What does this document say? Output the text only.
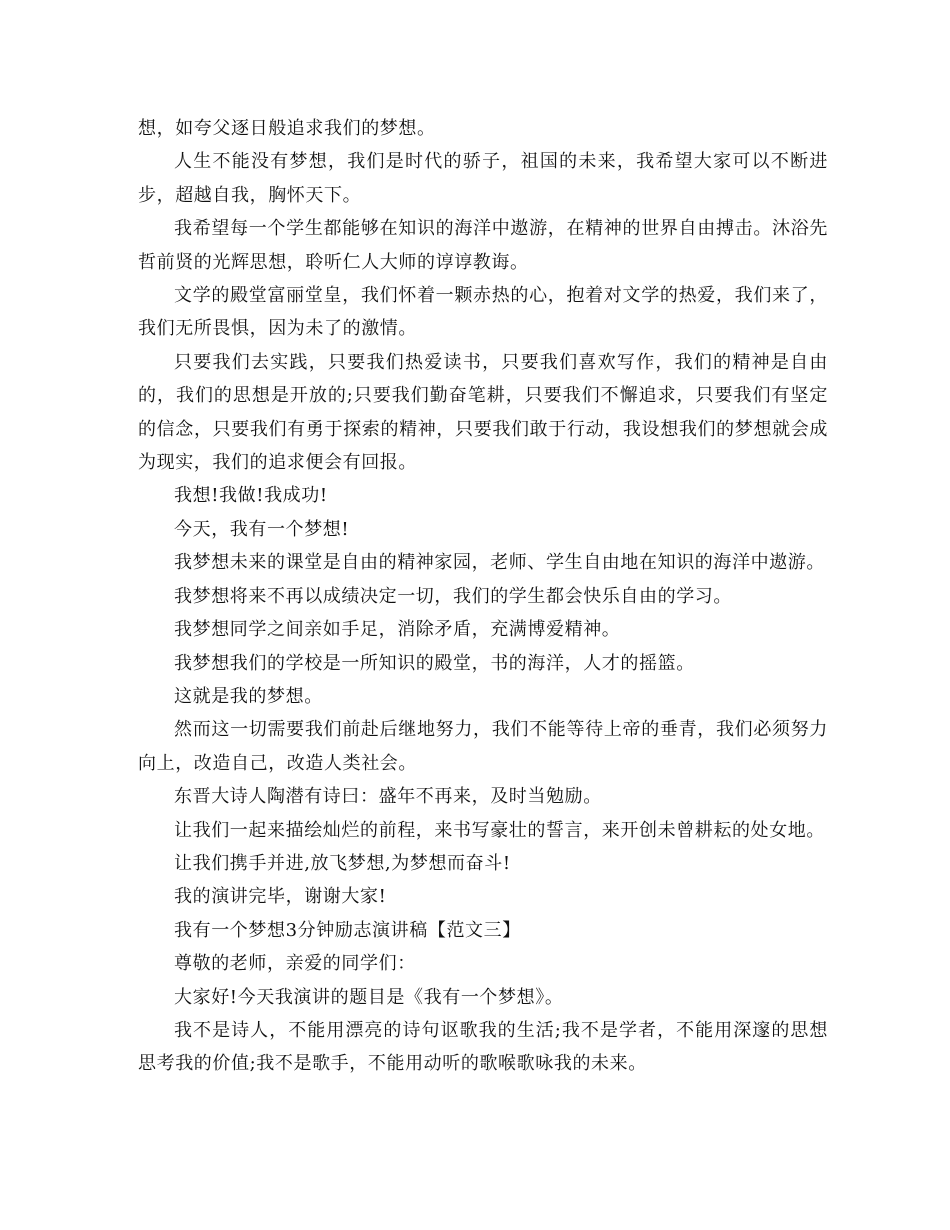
想，如夸父逐日般追求我们的梦想。

人生不能没有梦想，我们是时代的骄子，祖国的未来，我希望大家可以不断进步，超越自我，胸怀天下。

我希望每一个学生都能够在知识的海洋中遨游，在精神的世界自由搏击。沐浴先哲前贤的光辉思想，聆听仁人大师的谆谆教诲。

文学的殿堂富丽堂皇，我们怀着一颗赤热的心，抱着对文学的热爱，我们来了，我们无所畏惧，因为未了的激情。

只要我们去实践，只要我们热爱读书，只要我们喜欢写作，我们的精神是自由的，我们的思想是开放的;只要我们勤奋笔耕，只要我们不懈追求，只要我们有坚定的信念，只要我们有勇于探索的精神，只要我们敢于行动，我设想我们的梦想就会成为现实，我们的追求便会有回报。

我想!我做!我成功!

今天，我有一个梦想!

我梦想未来的课堂是自由的精神家园，老师、学生自由地在知识的海洋中遨游。

我梦想将来不再以成绩决定一切，我们的学生都会快乐自由的学习。

我梦想同学之间亲如手足，消除矛盾，充满博爱精神。

我梦想我们的学校是一所知识的殿堂，书的海洋，人才的摇篮。

这就是我的梦想。

然而这一切需要我们前赴后继地努力，我们不能等待上帝的垂青，我们必须努力向上，改造自己，改造人类社会。

东晋大诗人陶潜有诗曰：盛年不再来，及时当勉励。

让我们一起来描绘灿烂的前程，来书写豪壮的誓言，来开创未曾耕耘的处女地。

让我们携手并进,放飞梦想,为梦想而奋斗!

我的演讲完毕，谢谢大家!

我有一个梦想3分钟励志演讲稿【范文三】

尊敬的老师，亲爱的同学们：

大家好!今天我演讲的题目是《我有一个梦想》。

我不是诗人，不能用漂亮的诗句讴歌我的生活;我不是学者，不能用深邃的思想思考我的价值;我不是歌手，不能用动听的歌喉歌咏我的未来。
